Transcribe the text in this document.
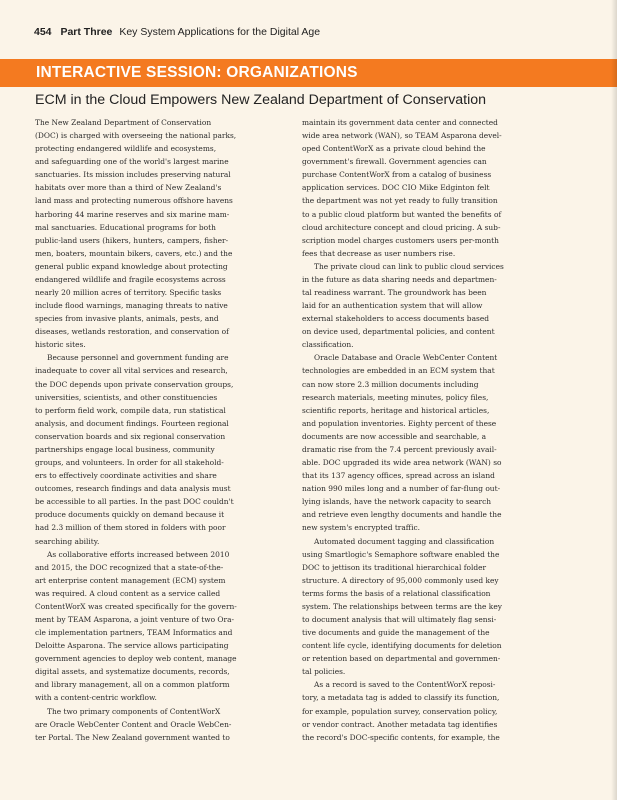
454 Part Three Key System Applications for the Digital Age
INTERACTIVE SESSION: ORGANIZATIONS
ECM in the Cloud Empowers New Zealand Department of Conservation
The New Zealand Department of Conservation
(DOC) is charged with overseeing the national parks,
protecting endangered wildlife and ecosystems,
and safeguarding one of the world's largest marine
sanctuaries. Its mission includes preserving natural
habitats over more than a third of New Zealand's
land mass and protecting numerous offshore havens
harboring 44 marine reserves and six marine mam-
mal sanctuaries. Educational programs for both
public-land users (hikers, hunters, campers, fisher-
men, boaters, mountain bikers, cavers, etc.) and the
general public expand knowledge about protecting
endangered wildlife and fragile ecosystems across
nearly 20 million acres of territory. Specific tasks
include flood warnings, managing threats to native
species from invasive plants, animals, pests, and
diseases, wetlands restoration, and conservation of
historic sites.
Because personnel and government funding are
inadequate to cover all vital services and research,
the DOC depends upon private conservation groups,
universities, scientists, and other constituencies
to perform field work, compile data, run statistical
analysis, and document findings. Fourteen regional
conservation boards and six regional conservation
partnerships engage local business, community
groups, and volunteers. In order for all stakehold-
ers to effectively coordinate activities and share
outcomes, research findings and data analysis must
be accessible to all parties. In the past DOC couldn't
produce documents quickly on demand because it
had 2.3 million of them stored in folders with poor
searching ability.
As collaborative efforts increased between 2010
and 2015, the DOC recognized that a state-of-the-
art enterprise content management (ECM) system
was required. A cloud content as a service called
ContentWorX was created specifically for the govern-
ment by TEAM Asparona, a joint venture of two Ora-
cle implementation partners, TEAM Informatics and
Deloitte Asparona. The service allows participating
government agencies to deploy web content, manage
digital assets, and systematize documents, records,
and library management, all on a common platform
with a content-centric workflow.
The two primary components of ContentWorX
are Oracle WebCenter Content and Oracle WebCen-
ter Portal. The New Zealand government wanted to
maintain its government data center and connected
wide area network (WAN), so TEAM Asparona devel-
oped ContentWorX as a private cloud behind the
government's firewall. Government agencies can
purchase ContentWorX from a catalog of business
application services. DOC CIO Mike Edginton felt
the department was not yet ready to fully transition
to a public cloud platform but wanted the benefits of
cloud architecture concept and cloud pricing. A sub-
scription model charges customers users per-month
fees that decrease as user numbers rise.
The private cloud can link to public cloud services
in the future as data sharing needs and departmen-
tal readiness warrant. The groundwork has been
laid for an authentication system that will allow
external stakeholders to access documents based
on device used, departmental policies, and content
classification.
Oracle Database and Oracle WebCenter Content
technologies are embedded in an ECM system that
can now store 2.3 million documents including
research materials, meeting minutes, policy files,
scientific reports, heritage and historical articles,
and population inventories. Eighty percent of these
documents are now accessible and searchable, a
dramatic rise from the 7.4 percent previously avail-
able. DOC upgraded its wide area network (WAN) so
that its 137 agency offices, spread across an island
nation 990 miles long and a number of far-flung out-
lying islands, have the network capacity to search
and retrieve even lengthy documents and handle the
new system's encrypted traffic.
Automated document tagging and classification
using Smartlogic's Semaphore software enabled the
DOC to jettison its traditional hierarchical folder
structure. A directory of 95,000 commonly used key
terms forms the basis of a relational classification
system. The relationships between terms are the key
to document analysis that will ultimately flag sensi-
tive documents and guide the management of the
content life cycle, identifying documents for deletion
or retention based on departmental and governmen-
tal policies.
As a record is saved to the ContentWorX reposi-
tory, a metadata tag is added to classify its function,
for example, population survey, conservation policy,
or vendor contract. Another metadata tag identifies
the record's DOC-specific contents, for example, the
